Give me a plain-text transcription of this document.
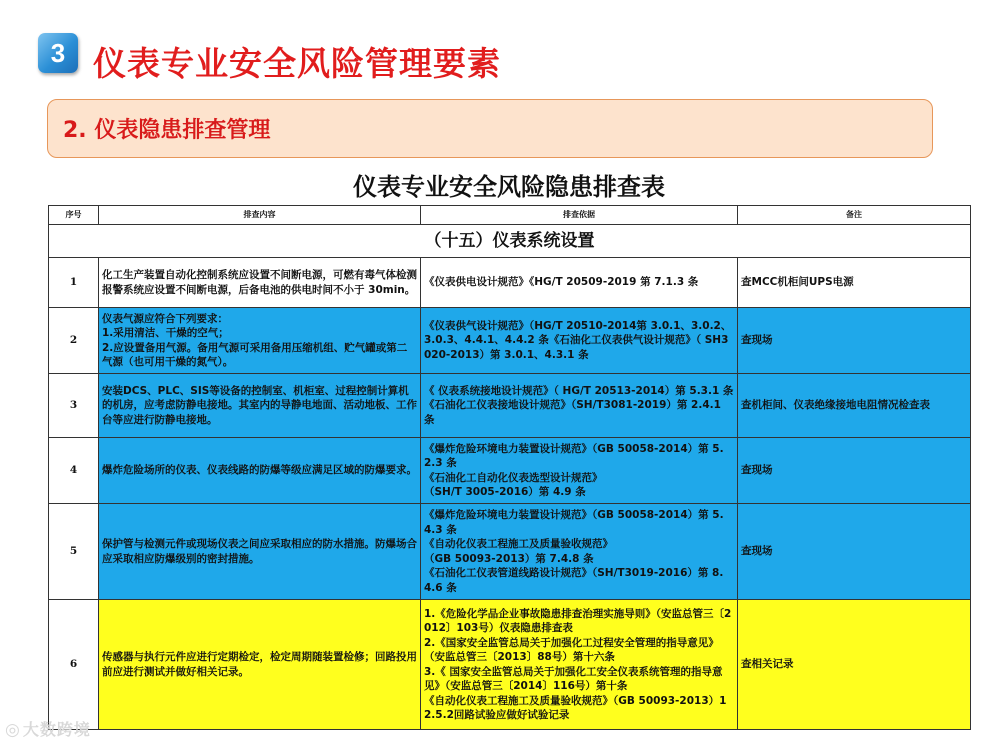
3 仪表专业安全风险管理要素
2. 仪表隐患排查管理
仪表专业安全风险隐患排查表
序号	排查内容	排查依据	备注
（十五）仪表系统设置			
1	化工生产装置自动化控制系统应设置不间断电源，可燃有毒气体检测报警系统应设置不间断电源，后备电池的供电时间不小于 30min。	《仪表供电设计规范》《HG/T 20509-2019 第 7.1.3 条	查MCC机柜间UPS电源
2	仪表气源应符合下列要求：
1.采用清洁、干燥的空气；
2.应设置备用气源。备用气源可采用备用压缩机组、贮气罐或第二气源（也可用干燥的氮气）。	《仪表供气设计规范》（HG/T 20510-2014第 3.0.1、3.0.2、3.0.3、4.4.1、4.4.2 条《石油化工仪表供气设计规范》（ SH3020-2013）第 3.0.1、4.3.1 条	查现场
3	安装DCS、PLC、SIS等设备的控制室、机柜室、过程控制计算机的机房，应考虑防静电接地。其室内的导静电地面、活动地板、工作台等应进行防静电接地。	《 仪表系统接地设计规范》（ HG/T 20513-2014）第 5.3.1 条
《石油化工仪表接地设计规范》（SH/T3081-2019）第 2.4.1 条	查机柜间、仪表绝缘接地电阻情况检查表
4	爆炸危险场所的仪表、仪表线路的防爆等级应满足区域的防爆要求。	《爆炸危险环境电力装置设计规范》（GB 50058-2014）第 5.2.3 条
《石油化工自动化仪表选型设计规范》
（SH/T 3005-2016）第 4.9 条	查现场
5	保护管与检测元件或现场仪表之间应采取相应的防水措施。防爆场合应采取相应防爆级别的密封措施。	《爆炸危险环境电力装置设计规范》（GB 50058-2014）第 5.4.3 条
《自动化仪表工程施工及质量验收规范》
（GB 50093-2013）第 7.4.8 条
《石油化工仪表管道线路设计规范》（SH/T3019-2016）第 8.4.6 条	查现场
6	传感器与执行元件应进行定期检定，检定周期随装置检修；回路投用前应进行测试并做好相关记录。	1.《危险化学品企业事故隐患排查治理实施导则》（安监总管三〔2012〕103号）仪表隐患排查表
2.《国家安全监管总局关于加强化工过程安全管理的指导意见》（安监总管三〔2013〕88号）第十六条
3.《 国家安全监管总局关于加强化工安全仪表系统管理的指导意见》（安监总管三〔2014〕116号）第十条
《自动化仪表工程施工及质量验收规范》（GB 50093-2013）12.5.2回路试验应做好试验记录	查相关记录
◎ 大数跨境
